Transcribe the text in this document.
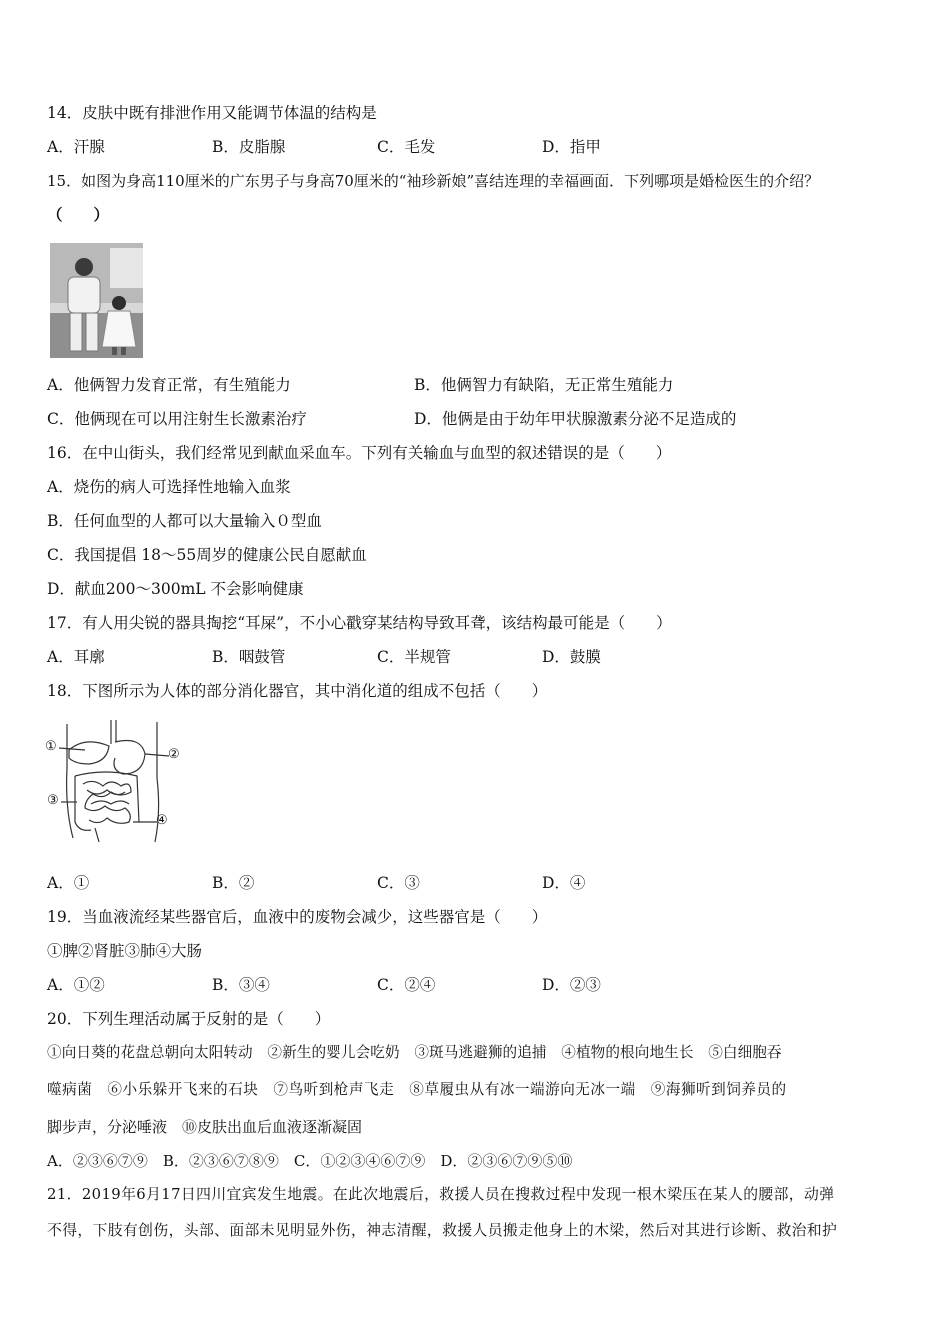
14．皮肤中既有排泄作用又能调节体温的结构是
A．汗腺	B．皮脂腺	C．毛发	D．指甲
15．如图为身高110厘米的广东男子与身高70厘米的“袖珍新娘”喜结连理的幸福画面．下列哪项是婚检医生的介绍？
（　　）
A．他俩智力发育正常，有生殖能力	B．他俩智力有缺陷，无正常生殖能力
C．他俩现在可以用注射生长激素治疗	D．他俩是由于幼年甲状腺激素分泌不足造成的
16．在中山街头，我们经常见到献血采血车。下列有关输血与血型的叙述错误的是（　　）
A．烧伤的病人可选择性地输入血浆
B．任何血型的人都可以大量输入０型血
C．我国提倡 18～55周岁的健康公民自愿献血
D．献血200～300mL 不会影响健康
17．有人用尖锐的器具掏挖“耳屎”，不小心戳穿某结构导致耳聋，该结构最可能是（　　）
A．耳廓	B．咽鼓管	C．半规管	D．鼓膜
18．下图所示为人体的部分消化器官，其中消化道的组成不包括（　　）
①
②
③
④
A．①	B．②	C．③	D．④
19．当血液流经某些器官后，血液中的废物会减少，这些器官是（　　）
①脾②肾脏③肺④大肠
A．①②	B．③④	C．②④	D．②③
20．下列生理活动属于反射的是（　　）
①向日葵的花盘总朝向太阳转动　②新生的婴儿会吃奶　③斑马逃避狮的追捕　④植物的根向地生长　⑤白细胞吞
噬病菌　⑥小乐躲开飞来的石块　⑦鸟听到枪声飞走　⑧草履虫从有冰一端游向无冰一端　⑨海狮听到饲养员的
脚步声，分泌唾液　⑩皮肤出血后血液逐渐凝固
A．②③⑥⑦⑨　B．②③⑥⑦⑧⑨　C．①②③④⑥⑦⑨　D．②③⑥⑦⑨⑤⑩
21．2019年6月17日四川宜宾发生地震。在此次地震后，救援人员在搜救过程中发现一根木梁压在某人的腰部，动弹
不得，下肢有创伤，头部、面部未见明显外伤，神志清醒，救援人员搬走他身上的木梁，然后对其进行诊断、救治和护
